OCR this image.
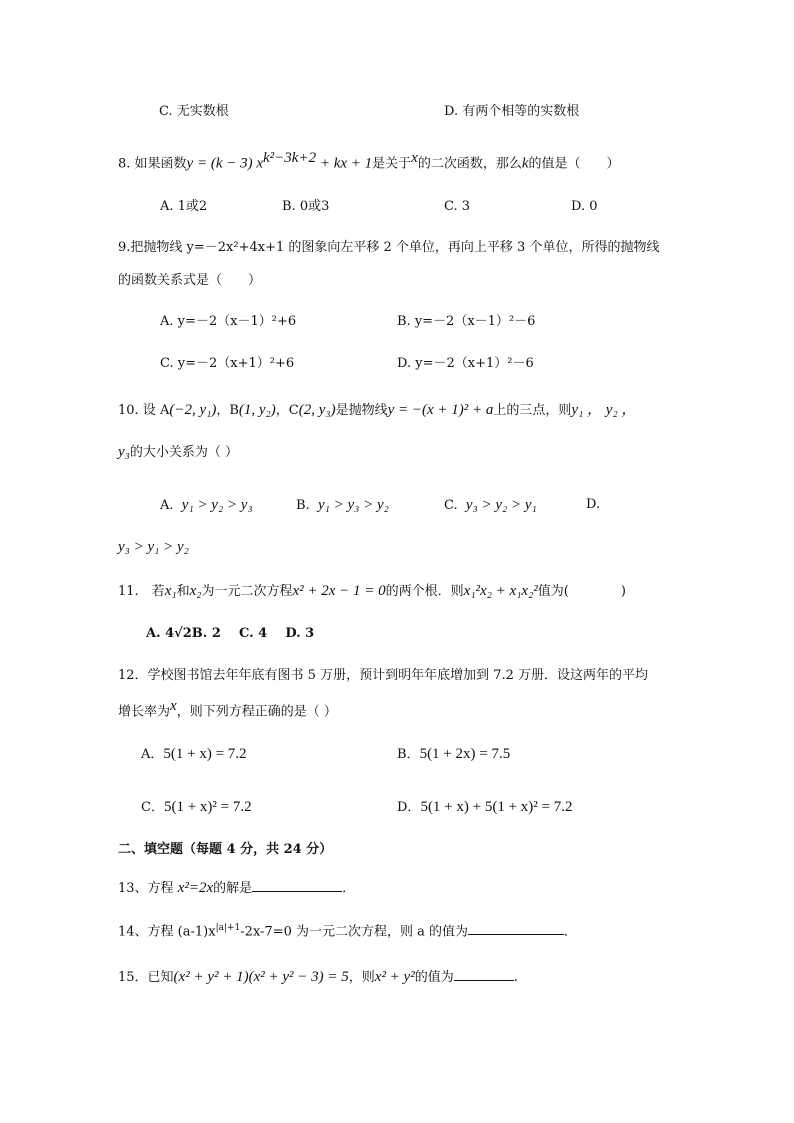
C. 无实数根	D. 有两个相等的实数根
8. 如果函数y = (k − 3) $x^{k^2-3k+2}$ + kx + 1是关于$^x$的二次函数，那么k的值是（　　）
A. 1或2	B. 0或3	C. 3	D. 0
9.把抛物线 y=－2x²+4x+1 的图象向左平移 2 个单位，再向上平移 3 个单位，所得的抛物线
的函数关系式是（　　）
A. y=－2（x－1）²+6	B. y=－2（x－1）²－6
C. y=－2（x+1）²+6	D. y=－2（x+1）²－6
10. 设 A(−2, y₁)，B(1, y₂)，C(2, y₃)是抛物线y = −(x + 1)² + a上的三点，则y₁ ， y₂ ，
y₃的大小关系为（ ）
A. y₁ > y₂ > y₃	B. y₁ > y₃ > y₂	C. y₃ > y₂ > y₁	D.
y₃ > y₁ > y₂
11.　若x₁和x₂为一元二次方程x² + 2x − 1 = 0的两个根．则x₁²x₂ + x₁x₂²值为(　　　　)
A. 4√2B. 2 C. 4 D. 3
12．学校图书馆去年年底有图书 5 万册，预计到明年年底增加到 7.2 万册．设这两年的平均
增长率为$^x$，则下列方程正确的是（ ）
A．5(1 + x) = 7.2	B．5(1 + 2x) = 7.5
C．5(1 + x)² = 7.2	D．5(1 + x) + 5(1 + x)² = 7.2
二、填空题（每题 4 分，共 24 分）
13、方程 x²=2x的解是	．
14、方程 $(a-1)x^{|a|+1}-2x-7=0$ 为一元二次方程，则 a 的值为	．
15．已知(x² + y² + 1)(x² + y² − 3) = 5，则x² + y²的值为	.
